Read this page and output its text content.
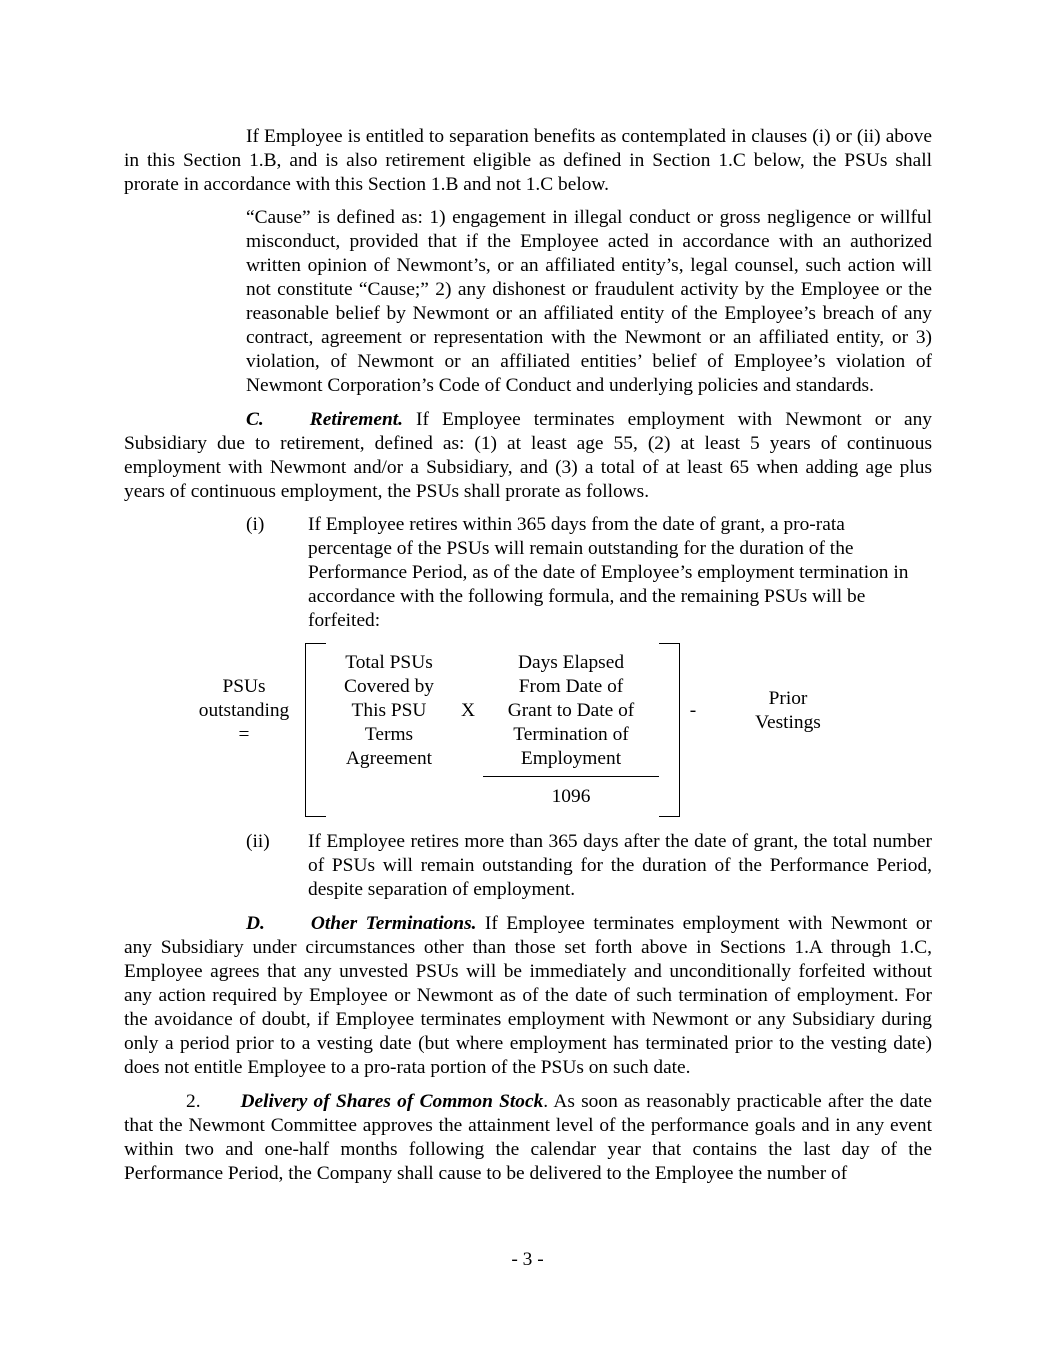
If Employee is entitled to separation benefits as contemplated in clauses (i) or (ii) above in this Section 1.B, and is also retirement eligible as defined in Section 1.C below, the PSUs shall prorate in accordance with this Section 1.B and not 1.C below.

“Cause” is defined as: 1) engagement in illegal conduct or gross negligence or willful misconduct, provided that if the Employee acted in accordance with an authorized written opinion of Newmont’s, or an affiliated entity’s, legal counsel, such action will not constitute “Cause;” 2) any dishonest or fraudulent activity by the Employee or the reasonable belief by Newmont or an affiliated entity of the Employee’s breach of any contract, agreement or representation with the Newmont or an affiliated entity, or 3) violation, of Newmont or an affiliated entities’ belief of Employee’s violation of Newmont Corporation’s Code of Conduct and underlying policies and standards.

C. Retirement. If Employee terminates employment with Newmont or any Subsidiary due to retirement, defined as: (1) at least age 55, (2) at least 5 years of continuous employment with Newmont and/or a Subsidiary, and (3) a total of at least 65 when adding age plus years of continuous employment, the PSUs shall prorate as follows.

(i) If Employee retires within 365 days from the date of grant, a pro-rata percentage of the PSUs will remain outstanding for the duration of the Performance Period, as of the date of Employee’s employment termination in accordance with the following formula, and the remaining PSUs will be forfeited:

PSUs
outstanding
=
Total PSUs
Covered by
This PSU
Terms
Agreement
X
Days Elapsed
From Date of
Grant to Date of
Termination of
Employment
1096
-
Prior
Vestings
(ii) If Employee retires more than 365 days after the date of grant, the total number of PSUs will remain outstanding for the duration of the Performance Period, despite separation of employment.

D. Other Terminations. If Employee terminates employment with Newmont or any Subsidiary under circumstances other than those set forth above in Sections 1.A through 1.C, Employee agrees that any unvested PSUs will be immediately and unconditionally forfeited without any action required by Employee or Newmont as of the date of such termination of employment. For the avoidance of doubt, if Employee terminates employment with Newmont or any Subsidiary during only a period prior to a vesting date (but where employment has terminated prior to the vesting date) does not entitle Employee to a pro-rata portion of the PSUs on such date.

2. Delivery of Shares of Common Stock. As soon as reasonably practicable after the date that the Newmont Committee approves the attainment level of the performance goals and in any event within two and one-half months following the calendar year that contains the last day of the Performance Period, the Company shall cause to be delivered to the Employee the number of

- 3 -
